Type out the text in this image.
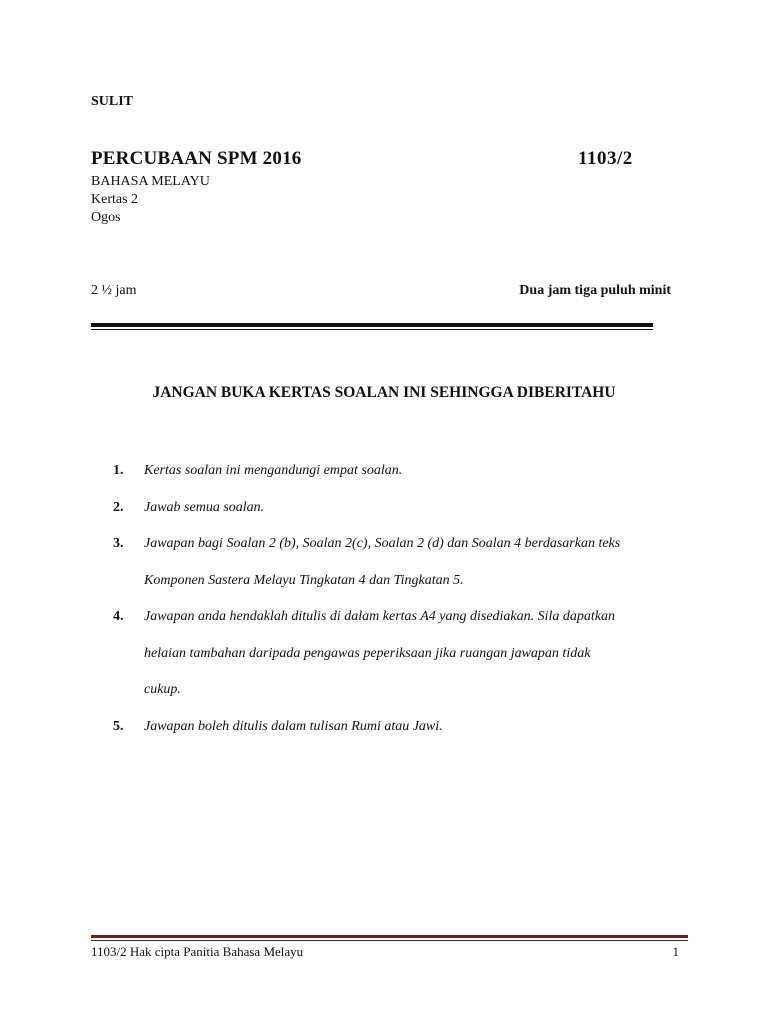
SULIT
PERCUBAAN SPM 2016	1103/2
BAHASA MELAYU
Kertas 2
Ogos
2 ½ jam	Dua jam tiga puluh minit
JANGAN BUKA KERTAS SOALAN INI SEHINGGA DIBERITAHU
1. Kertas soalan ini mengandungi empat soalan.
2. Jawab semua soalan.
3. Jawapan bagi Soalan 2 (b), Soalan 2(c), Soalan 2 (d) dan Soalan 4 berdasarkan teks
Komponen Sastera Melayu Tingkatan 4 dan Tingkatan 5.
4. Jawapan anda hendaklah ditulis di dalam kertas A4 yang disediakan. Sila dapatkan
helaian tambahan daripada pengawas peperiksaan jika ruangan jawapan tidak
cukup.
5. Jawapan boleh ditulis dalam tulisan Rumi atau Jawi.
1103/2 Hak cipta Panitia Bahasa Melayu	1
